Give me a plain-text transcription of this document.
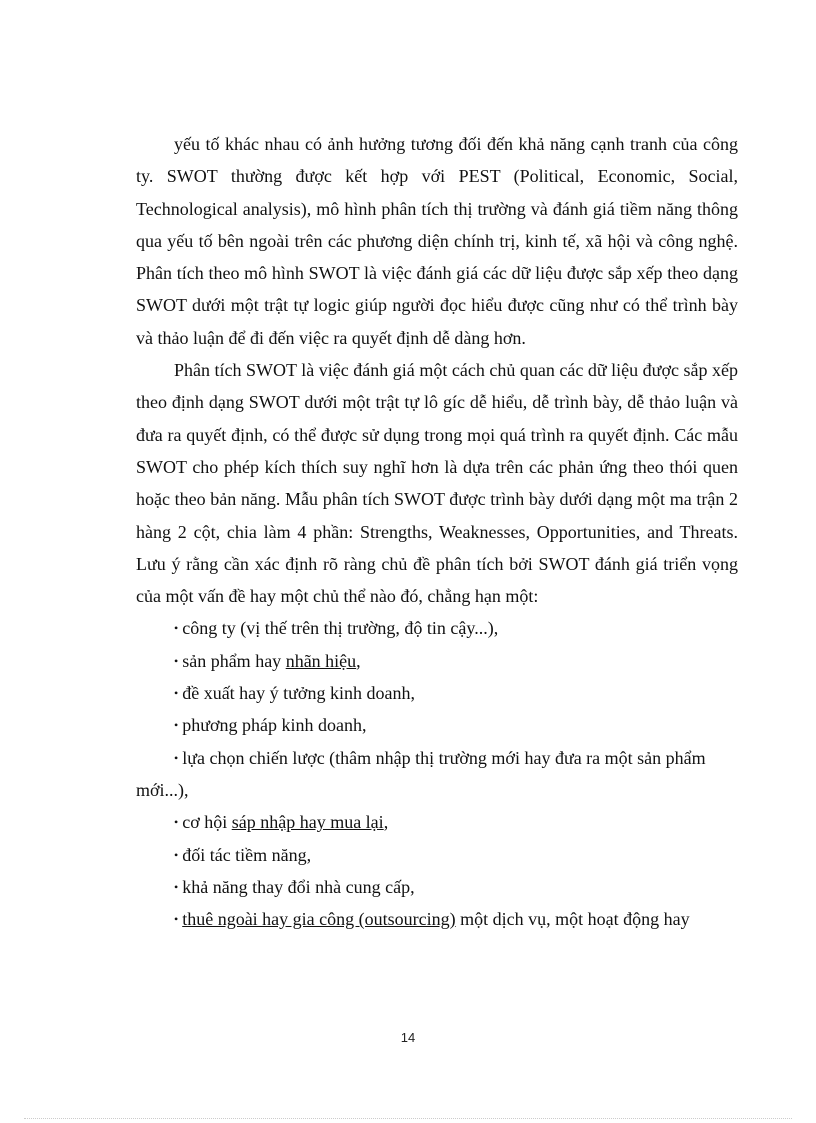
yếu tố khác nhau có ảnh hưởng tương đối đến khả năng cạnh tranh của công ty. SWOT thường được kết hợp với PEST (Political, Economic, Social, Technological analysis), mô hình phân tích thị trường và đánh giá tiềm năng thông qua yếu tố bên ngoài trên các phương diện chính trị, kinh tế, xã hội và công nghệ. Phân tích theo mô hình SWOT là việc đánh giá các dữ liệu được sắp xếp theo dạng SWOT dưới một trật tự logic giúp người đọc hiểu được cũng như có thể trình bày và thảo luận để đi đến việc ra quyết định dễ dàng hơn.

Phân tích SWOT là việc đánh giá một cách chủ quan các dữ liệu được sắp xếp theo định dạng SWOT dưới một trật tự lô gíc dễ hiểu, dễ trình bày, dễ thảo luận và đưa ra quyết định, có thể được sử dụng trong mọi quá trình ra quyết định. Các mẫu SWOT cho phép kích thích suy nghĩ hơn là dựa trên các phản ứng theo thói quen hoặc theo bản năng. Mẫu phân tích SWOT được trình bày dưới dạng một ma trận 2 hàng 2 cột, chia làm 4 phần: Strengths, Weaknesses, Opportunities, and Threats. Lưu ý rằng cần xác định rõ ràng chủ đề phân tích bởi SWOT đánh giá triển vọng của một vấn đề hay một chủ thể nào đó, chẳng hạn một:

• công ty (vị thế trên thị trường, độ tin cậy...),
• sản phẩm hay nhãn hiệu,
• đề xuất hay ý tưởng kinh doanh,
• phương pháp kinh doanh,
• lựa chọn chiến lược (thâm nhập thị trường mới hay đưa ra một sản phẩm mới...),
• cơ hội sáp nhập hay mua lại,
• đối tác tiềm năng,
• khả năng thay đổi nhà cung cấp,
• thuê ngoài hay gia công (outsourcing) một dịch vụ, một hoạt động hay
14
